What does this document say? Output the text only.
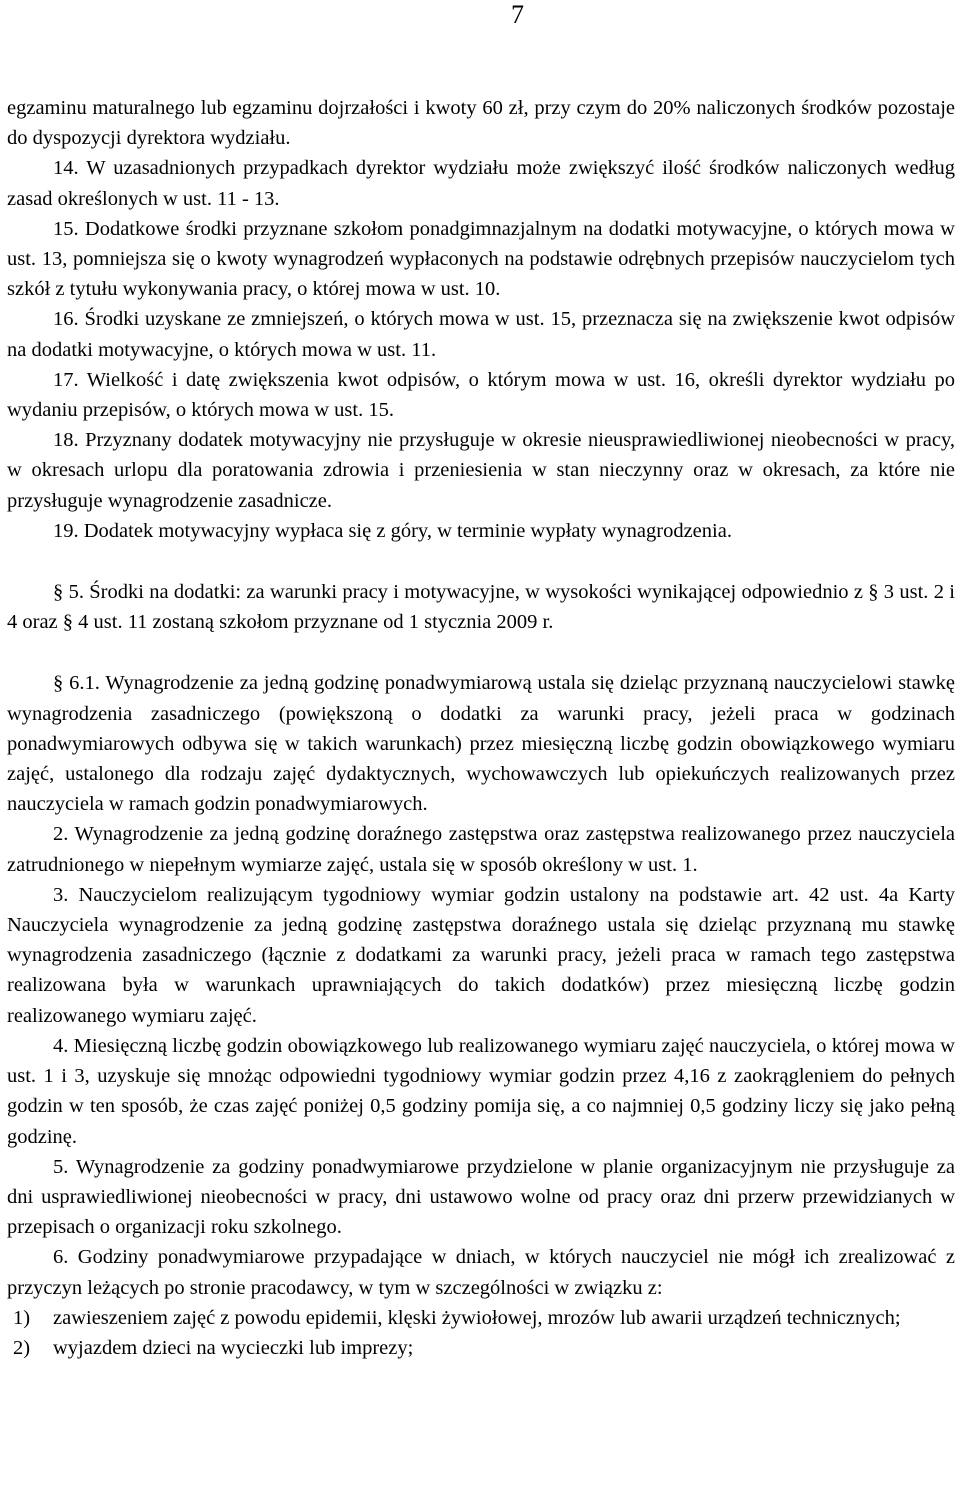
7

egzaminu maturalnego lub egzaminu dojrzałości i kwoty 60 zł, przy czym do 20% naliczonych środków pozostaje do dyspozycji dyrektora wydziału.

14. W uzasadnionych przypadkach dyrektor wydziału może zwiększyć ilość środków naliczonych według zasad określonych w ust. 11 - 13.

15. Dodatkowe środki przyznane szkołom ponadgimnazjalnym na dodatki motywacyjne, o których mowa w ust. 13, pomniejsza się o kwoty wynagrodzeń wypłaconych na podstawie odrębnych przepisów nauczycielom tych szkół z tytułu wykonywania pracy, o której mowa w ust. 10.

16. Środki uzyskane ze zmniejszeń, o których mowa w ust. 15, przeznacza się na zwiększenie kwot odpisów na dodatki motywacyjne, o których mowa w ust. 11.

17. Wielkość i datę zwiększenia kwot odpisów, o którym mowa w ust. 16, określi dyrektor wydziału po wydaniu przepisów, o których mowa w ust. 15.

18. Przyznany dodatek motywacyjny nie przysługuje w okresie nieusprawiedliwionej nieobecności w pracy, w okresach urlopu dla poratowania zdrowia i przeniesienia w stan nieczynny oraz w okresach, za które nie przysługuje wynagrodzenie zasadnicze.

19. Dodatek motywacyjny wypłaca się z góry, w terminie wypłaty wynagrodzenia.

§ 5. Środki na dodatki: za warunki pracy i motywacyjne, w wysokości wynikającej odpowiednio z § 3 ust. 2 i 4 oraz § 4 ust. 11 zostaną szkołom przyznane od 1 stycznia 2009 r.

§ 6.1. Wynagrodzenie za jedną godzinę ponadwymiarową ustala się dzieląc przyznaną nauczycielowi stawkę wynagrodzenia zasadniczego (powiększoną o dodatki za warunki pracy, jeżeli praca w godzinach ponadwymiarowych odbywa się w takich warunkach) przez miesięczną liczbę godzin obowiązkowego wymiaru zajęć, ustalonego dla rodzaju zajęć dydaktycznych, wychowawczych lub opiekuńczych realizowanych przez nauczyciela w ramach godzin ponadwymiarowych.

2. Wynagrodzenie za jedną godzinę doraźnego zastępstwa oraz zastępstwa realizowanego przez nauczyciela zatrudnionego w niepełnym wymiarze zajęć, ustala się w sposób określony w ust. 1.

3. Nauczycielom realizującym tygodniowy wymiar godzin ustalony na podstawie art. 42 ust. 4a Karty Nauczyciela wynagrodzenie za jedną godzinę zastępstwa doraźnego ustala się dzieląc przyznaną mu stawkę wynagrodzenia zasadniczego (łącznie z dodatkami za warunki pracy, jeżeli praca w ramach tego zastępstwa realizowana była w warunkach uprawniających do takich dodatków) przez miesięczną liczbę godzin realizowanego wymiaru zajęć.

4. Miesięczną liczbę godzin obowiązkowego lub realizowanego wymiaru zajęć nauczyciela, o której mowa w ust. 1 i 3, uzyskuje się mnożąc odpowiedni tygodniowy wymiar godzin przez 4,16 z zaokrągleniem do pełnych godzin w ten sposób, że czas zajęć poniżej 0,5 godziny pomija się, a co najmniej 0,5 godziny liczy się jako pełną godzinę.

5. Wynagrodzenie za godziny ponadwymiarowe przydzielone w planie organizacyjnym nie przysługuje za dni usprawiedliwionej nieobecności w pracy, dni ustawowo wolne od pracy oraz dni przerw przewidzianych w przepisach o organizacji roku szkolnego.

6. Godziny ponadwymiarowe przypadające w dniach, w których nauczyciel nie mógł ich zrealizować z przyczyn leżących po stronie pracodawcy, w tym w szczególności w związku z:

1) zawieszeniem zajęć z powodu epidemii, klęski żywiołowej, mrozów lub awarii urządzeń technicznych;

2) wyjazdem dzieci na wycieczki lub imprezy;
